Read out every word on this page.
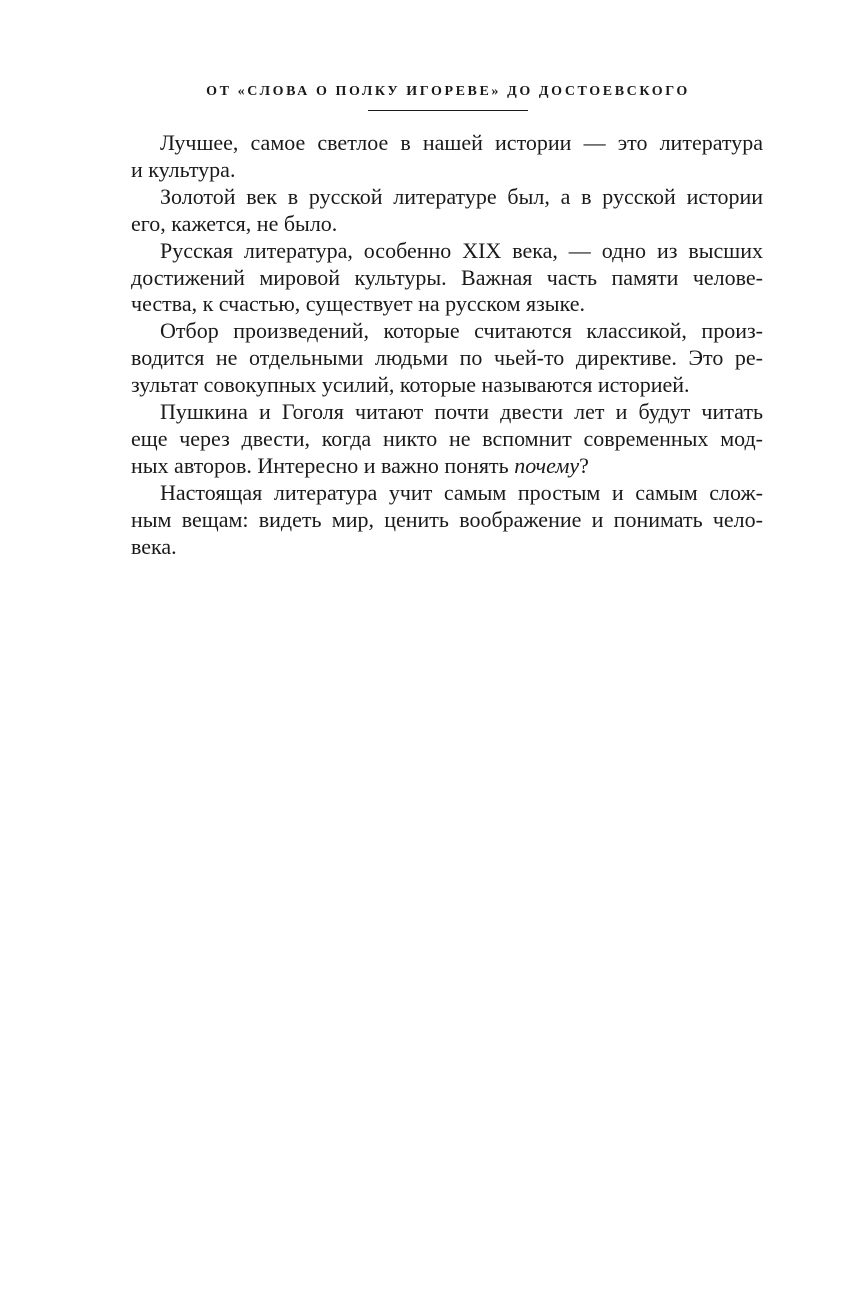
ОТ «СЛОВА О ПОЛКУ ИГОРЕВЕ» ДО ДОСТОЕВСКОГО
Лучшее, самое светлое в нашей истории — это литература
и культура.
Золотой век в русской литературе был, а в русской истории
его, кажется, не было.
Русская литература, особенно XIX века, — одно из высших
достижений мировой культуры. Важная часть памяти челове-
чества, к счастью, существует на русском языке.
Отбор произведений, которые считаются классикой, произ-
водится не отдельными людьми по чьей-то директиве. Это ре-
зультат совокупных усилий, которые называются историей.
Пушкина и Гоголя читают почти двести лет и будут читать
еще через двести, когда никто не вспомнит современных мод-
ных авторов. Интересно и важно понять почему?
Настоящая литература учит самым простым и самым слож-
ным вещам: видеть мир, ценить воображение и понимать чело-
века.
